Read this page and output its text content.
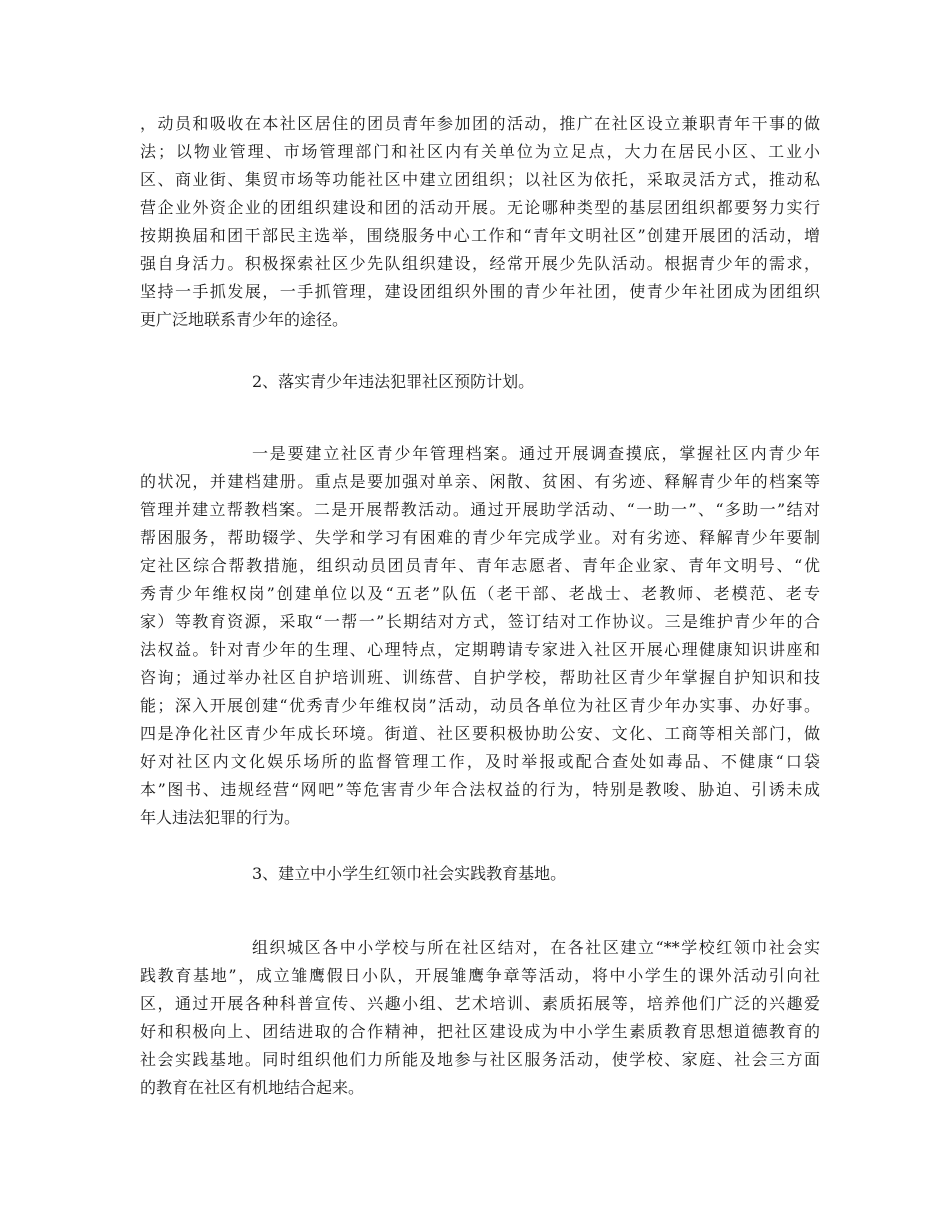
，动员和吸收在本社区居住的团员青年参加团的活动，推广在社区设立兼职青年干事的做
法；以物业管理、市场管理部门和社区内有关单位为立足点，大力在居民小区、工业小
区、商业街、集贸市场等功能社区中建立团组织；以社区为依托，采取灵活方式，推动私
营企业外资企业的团组织建设和团的活动开展。无论哪种类型的基层团组织都要努力实行
按期换届和团干部民主选举，围绕服务中心工作和“青年文明社区”创建开展团的活动，增
强自身活力。积极探索社区少先队组织建设，经常开展少先队活动。根据青少年的需求，
坚持一手抓发展，一手抓管理，建设团组织外围的青少年社团，使青少年社团成为团组织
更广泛地联系青少年的途径。
2、落实青少年违法犯罪社区预防计划。
一是要建立社区青少年管理档案。通过开展调查摸底，掌握社区内青少年
的状况，并建档建册。重点是要加强对单亲、闲散、贫困、有劣迹、释解青少年的档案等
管理并建立帮教档案。二是开展帮教活动。通过开展助学活动、“一助一”、“多助一”结对
帮困服务，帮助辍学、失学和学习有困难的青少年完成学业。对有劣迹、释解青少年要制
定社区综合帮教措施，组织动员团员青年、青年志愿者、青年企业家、青年文明号、“优
秀青少年维权岗”创建单位以及“五老”队伍（老干部、老战士、老教师、老模范、老专
家）等教育资源，采取“一帮一”长期结对方式，签订结对工作协议。三是维护青少年的合
法权益。针对青少年的生理、心理特点，定期聘请专家进入社区开展心理健康知识讲座和
咨询；通过举办社区自护培训班、训练营、自护学校，帮助社区青少年掌握自护知识和技
能；深入开展创建“优秀青少年维权岗”活动，动员各单位为社区青少年办实事、办好事。
四是净化社区青少年成长环境。街道、社区要积极协助公安、文化、工商等相关部门，做
好对社区内文化娱乐场所的监督管理工作，及时举报或配合查处如毒品、不健康“口袋
本”图书、违规经营“网吧”等危害青少年合法权益的行为，特别是教唆、胁迫、引诱未成
年人违法犯罪的行为。
3、建立中小学生红领巾社会实践教育基地。
组织城区各中小学校与所在社区结对，在各社区建立“**学校红领巾社会实
践教育基地”，成立雏鹰假日小队，开展雏鹰争章等活动，将中小学生的课外活动引向社
区，通过开展各种科普宣传、兴趣小组、艺术培训、素质拓展等，培养他们广泛的兴趣爱
好和积极向上、团结进取的合作精神，把社区建设成为中小学生素质教育思想道德教育的
社会实践基地。同时组织他们力所能及地参与社区服务活动，使学校、家庭、社会三方面
的教育在社区有机地结合起来。
